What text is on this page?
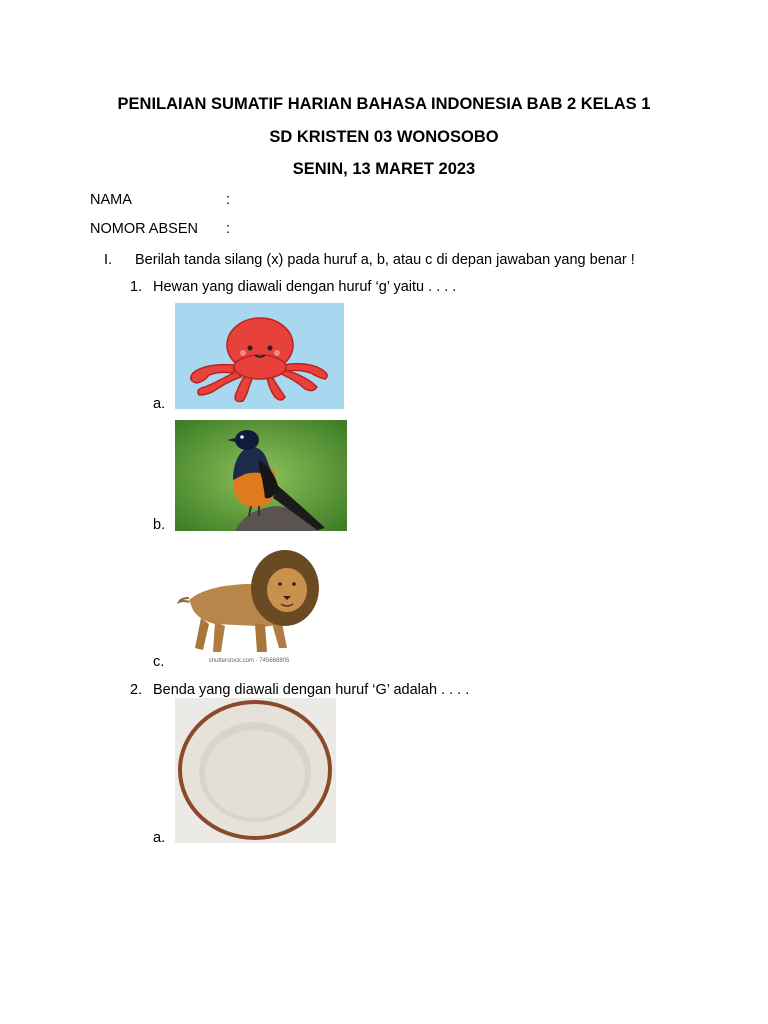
PENILAIAN SUMATIF HARIAN BAHASA INDONESIA BAB 2 KELAS 1
SD KRISTEN 03 WONOSOBO
SENIN, 13 MARET 2023
NAMA	:
NOMOR ABSEN :
I. Berilah tanda silang (x) pada huruf a, b, atau c di depan jawaban yang benar !
1. Hewan yang diawali dengan huruf ‘g’ yaitu . . . .
a.
b.
c.	shutterstock.com · 745668805
2. Benda yang diawali dengan huruf ‘G’ adalah . . . .
a.
